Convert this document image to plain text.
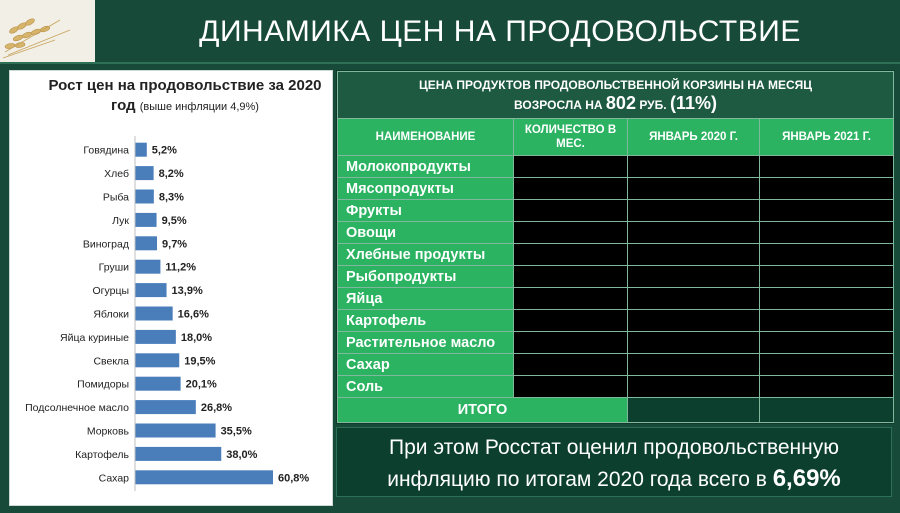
ДИНАМИКА ЦЕН НА ПРОДОВОЛЬСТВИЕ
Рост цен на продовольствие за 2020 год (выше инфляции 4,9%)
Говядина 5,2%
Хлеб	8,2%
Рыба	8,3%
Лук	9,5%
Виноград	9,7%
Груши	11,2%
Огурцы	13,9%
Яблоки	16,6%
Яйца куриные	18,0%
Свекла	19,5%
Помидоры	20,1%
Подсолнечное масло	26,8%
Морковь	35,5%
Картофель	38,0%
Сахар	60,8%
ЦЕНА ПРОДУКТОВ ПРОДОВОЛЬСТВЕННОЙ КОРЗИНЫ НА МЕСЯЦ
ВОЗРОСЛА НА 802 РУБ. (11%)			

НАИМЕНОВАНИЕ	КОЛИЧЕСТВО В МЕС.	ЯНВАРЬ 2020 Г.	ЯНВАРЬ 2021 Г.
Молокопродукты			
Мясопродукты			
Фрукты			
Овощи			
Хлебные продукты			
Рыбопродукты			
Яйца			
Картофель			
Растительное масло			
Сахар			
Соль			
ИТОГО			
При этом Росстат оценил продовольственную
инфляцию по итогам 2020 года всего в 6,69%
